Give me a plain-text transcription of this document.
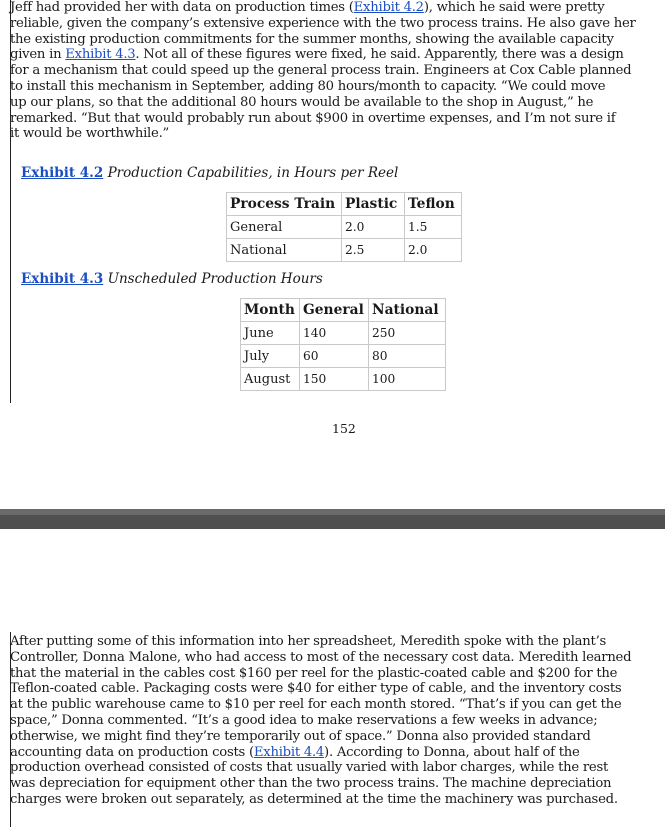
Jeff had provided her with data on production times (Exhibit 4.2), which he said were pretty
reliable, given the company’s extensive experience with the two process trains. He also gave her
the existing production commitments for the summer months, showing the available capacity
given in Exhibit 4.3. Not all of these figures were fixed, he said. Apparently, there was a design
for a mechanism that could speed up the general process train. Engineers at Cox Cable planned
to install this mechanism in September, adding 80 hours/month to capacity. “We could move
up our plans, so that the additional 80 hours would be available to the shop in August,” he
remarked. “But that would probably run about $900 in overtime expenses, and I’m not sure if
it would be worthwhile.”
Exhibit 4.2 Production Capabilities, in Hours per Reel
Process Train	Plastic	Teflon
General	2.0	1.5
National	2.5	2.0
Exhibit 4.3 Unscheduled Production Hours
Month	General	National
June	140	250
July	60	80
August	150	100
152
After putting some of this information into her spreadsheet, Meredith spoke with the plant’s
Controller, Donna Malone, who had access to most of the necessary cost data. Meredith learned
that the material in the cables cost $160 per reel for the plastic-coated cable and $200 for the
Teflon-coated cable. Packaging costs were $40 for either type of cable, and the inventory costs
at the public warehouse came to $10 per reel for each month stored. “That’s if you can get the
space,” Donna commented. “It’s a good idea to make reservations a few weeks in advance;
otherwise, we might find they’re temporarily out of space.” Donna also provided standard
accounting data on production costs (Exhibit 4.4). According to Donna, about half of the
production overhead consisted of costs that usually varied with labor charges, while the rest
was depreciation for equipment other than the two process trains. The machine depreciation
charges were broken out separately, as determined at the time the machinery was purchased.
